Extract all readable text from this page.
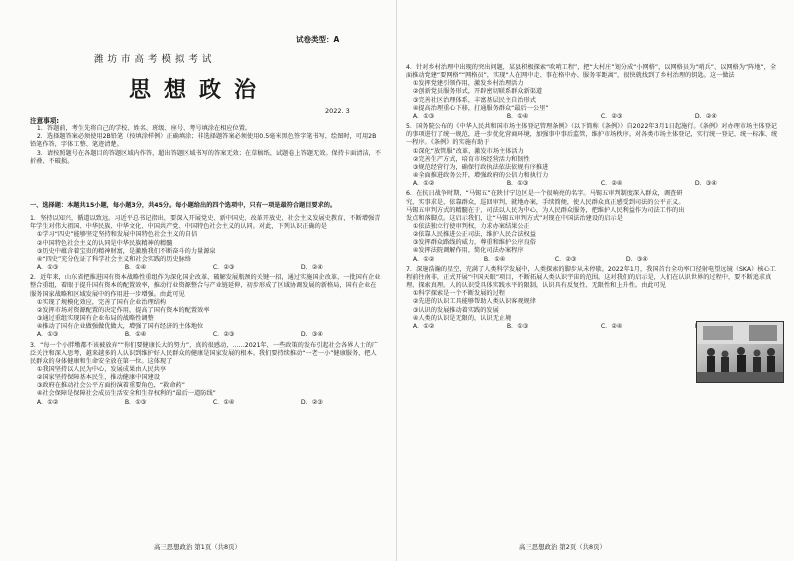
试卷类型：A
潍坊市高考模拟考试
思想政治
2022. 3

注意事项:

1．答题前，考生先将自己的学校、姓名、班级、座号、考号填涂在相应位置。

2．选择题答案必须使用2B铅笔（按填涂样例）正确填涂；非选择题答案必须使用0.5毫米黑色签字笔书写，绘图时，可用2B铅笔作答，字体工整、笔迹清楚。

3．请按照题号在各题目的答题区域内作答，超出答题区域书写的答案无效；在草稿纸、试题卷上答题无效。保持卡面清洁，不折叠、不破损。

一、选择题：本题共15小题，每小题3分，共45分。每小题给出的四个选项中，只有一项是最符合题目要求的。

1．坚持以知兴，循道以致远。习近平总书记指出，要深入开展党史、新中国史、改革开放史、社会主义发展史教育，不断增强青年学生对伟大祖国、中华民族、中华文化、中国共产党、中国特色社会主义的认同。对此，下列认识正确的是

①学习“四史”能够坚定坚持和发展中国特色社会主义的自信

②中国特色社会主义的认同是中华民族精神的精髓

③历史中蕴含着宝贵的精神财富，是激励我们不断奋斗的力量源泉

④“四史”充分佐证了科学社会主义和社会实践的历史脉络

A．①③	B．①④	C．②③	D．②④

2．近年来，山东省把推进国有资本战略性重组作为深化国企改革、破解发展瓶颈的关键一招，通过实施国企改革，一批国有企业整合重组，着眼于提升国有资本的配置效率，推动行业资源整合与产业链延伸，初步形成了区域协调发展的新格局，国有企业在服务国家战略和区域发展中的作用进一步增强。由此可见

①实现了规模化效应，完善了国有企业治理结构

②发挥市场对资源配置的决定作用，提高了国有资本的配置效率

③通过重组实现国有企业布局的战略性调整

④推动了国有企业做强做优做大，增强了国有经济的主体地位

A．①③	B．①④	C．②③	D．③④

3．“每一个小胖墩都不该被放弃”“你们要健康长大的努力”，真的很感动，……2021年，一些政策的发布引起社会各界人士的广泛关注和深入思考，越来越多的人认识到维护好人民群众的健康是国家发展的根本。我们要持续推动“一老一小”健康服务，把人民群众的身体健康和生命安全放在第一位。这体现了

①我国坚持以人民为中心，发展成果由人民共享

②国家坚持保障基本民生，推动健康中国建设

③政府在推动社会公平方面扮演着重要角色，“救命药”

④社会保障是保障社会成员生活安全和生存权利的“最后一道防线”

A．①②	B．①③	C．①④	D．②③
高三思想政治 第1页（共8页）

4．针对乡村治理中出现的突出问题，某县积极探索“吹哨工程”，把“大村庄”划分成“小网格”，以网格员为“哨兵”、以网格为“阵地”，全面推动党建“要网格”“网格员”，实现“人在网中走、事在格中办、服务零距离”，很快就找到了乡村治理的钥匙。这一做法

①发挥党建引领作用，激发乡村治理活力

②创新党员服务形式，开辟密切联系群众新渠道

③完善社区治理体系，丰富基层民主自治形式

④提高治理重心下移，打通服务群众“最后一公里”

A．①③	B．①④	C．②③	D．②④

5．国务院公布的《中华人民共和国市场主体登记管理条例》（以下简称《条例》）自2022年3月1日起施行。《条例》对办理市场主体登记的事项进行了统一规范，进一步优化营商环境，加强事中事后监管，维护市场秩序。对各类市场主体登记，实行统一登记、统一标准、统一程序。《条例》的实施有助于

①深化“放管服”改革，激发市场主体活力

②完善生产方式，培育市场经营活力和韧性

③规范经营行为，确保行政执法依法依规有序推进

④全面推进政务公开，增强政府的公信力和执行力

A．①②	B．①③	C．②④	D．③④

6．在抗日战争时期，“马锡五”在陕甘宁边区是一个很响亮的名字。马锡五审判制度深入群众，调查研究，实事求是，依靠群众，巡回审判，就地办案，手续简便，使人民群众真正感受到司法的公平正义。马锡五审判方式的精髓在于，司法以人民为中心，为人民群众服务，把维护人民利益作为司法工作的出发点和落脚点。这启示我们，让“马锡五审判方式”对现在中国法治建设的启示是

①依法独立行使审判权，力求办案结果公正

②依靠人民推进公正司法，维护人民合法权益

③发挥群众路线的威力，尊重和维护公序良俗

④发挥法院调解作用，简化司法办案程序

A．①②	B．①④	C．②③	D．③④

7．深邃浩瀚的星空，充满了人类科学发展中，人类探索的脚步从未停歇。2022年1月，我国首台全功率口径射电望远镜（SKA）核心工程前往南非，正式开展“中国天眼”项目，不断拓展人类认识宇宙的范围。这对我们的启示是，人们在认识世界的过程中，要不断追求真理、探索真理。人的认识受具体实践水平的限制，认识具有反复性、无限性和上升性。由此可见

①科学探索是一个不断发展的过程

②先进的认识工具能够帮助人类认识客观规律

③认识的发展推动着实践的发展

④人类的认识是无限的，认识无止境

A．①②	B．①③	C．②④
高三思想政治 第2页（共8页）
